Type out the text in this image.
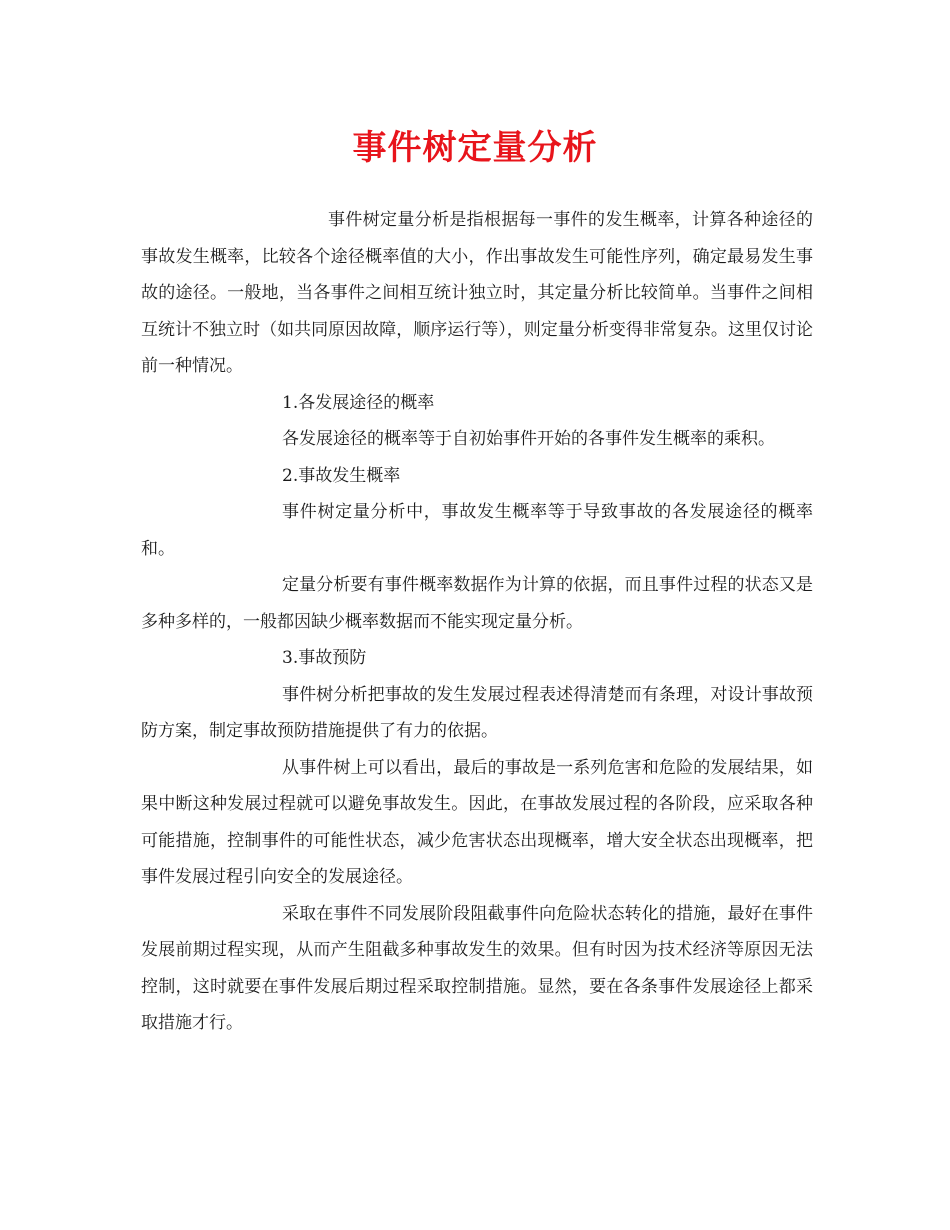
事件树定量分析

事件树定量分析是指根据每一事件的发生概率，计算各种途径的事故发生概率，比较各个途径概率值的大小，作出事故发生可能性序列，确定最易发生事故的途径。一般地，当各事件之间相互统计独立时，其定量分析比较简单。当事件之间相互统计不独立时（如共同原因故障，顺序运行等），则定量分析变得非常复杂。这里仅讨论前一种情况。

1.各发展途径的概率

各发展途径的概率等于自初始事件开始的各事件发生概率的乘积。

2.事故发生概率

事件树定量分析中，事故发生概率等于导致事故的各发展途径的概率和。

定量分析要有事件概率数据作为计算的依据，而且事件过程的状态又是多种多样的，一般都因缺少概率数据而不能实现定量分析。

3.事故预防

事件树分析把事故的发生发展过程表述得清楚而有条理，对设计事故预防方案，制定事故预防措施提供了有力的依据。

从事件树上可以看出，最后的事故是一系列危害和危险的发展结果，如果中断这种发展过程就可以避免事故发生。因此，在事故发展过程的各阶段，应采取各种可能措施，控制事件的可能性状态，减少危害状态出现概率，增大安全状态出现概率，把事件发展过程引向安全的发展途径。

采取在事件不同发展阶段阻截事件向危险状态转化的措施，最好在事件发展前期过程实现，从而产生阻截多种事故发生的效果。但有时因为技术经济等原因无法控制，这时就要在事件发展后期过程采取控制措施。显然，要在各条事件发展途径上都采取措施才行。
